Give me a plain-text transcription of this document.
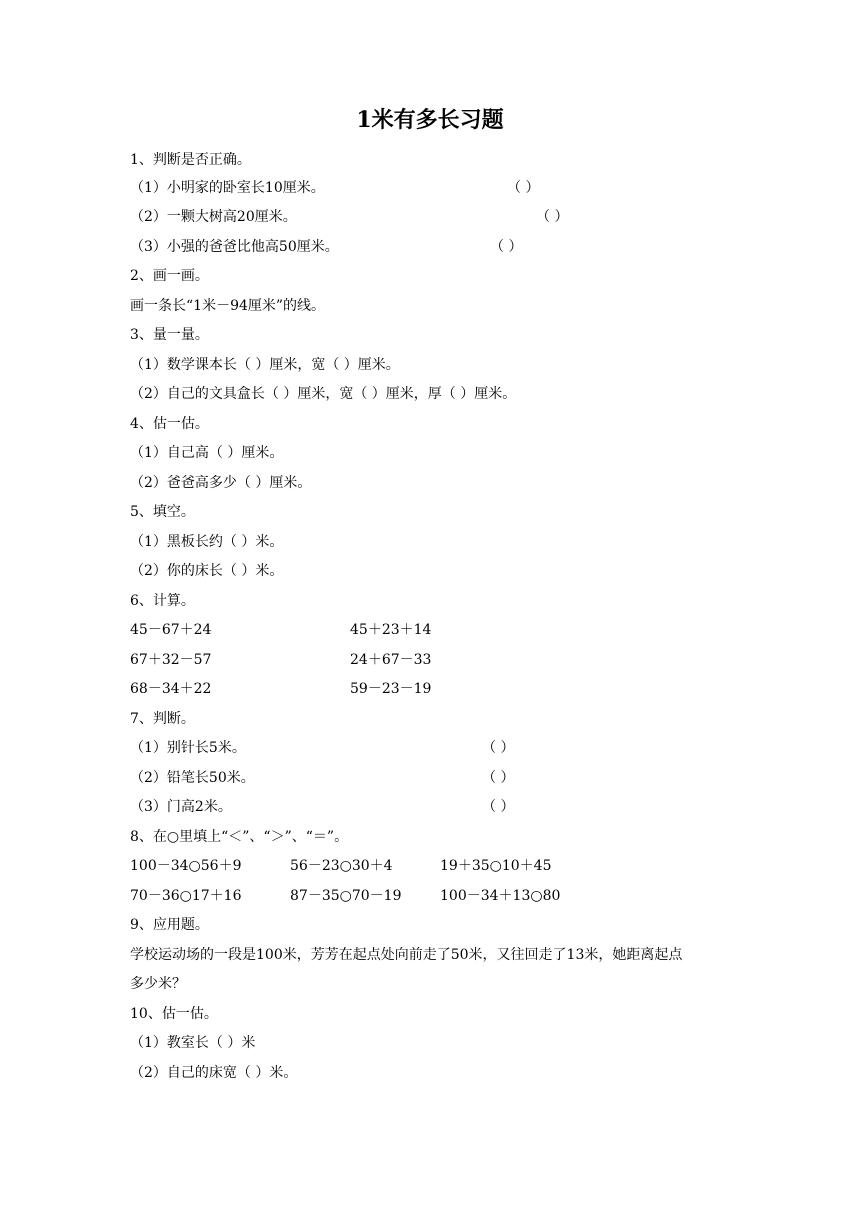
1米有多长习题
1、判断是否正确。
（1）小明家的卧室长10厘米。	（ ）
（2）一颗大树高20厘米。	（ ）
（3）小强的爸爸比他高50厘米。	（ ）
2、画一画。
画一条长“1米－94厘米”的线。
3、量一量。
（1）数学课本长（ ）厘米，宽（ ）厘米。
（2）自己的文具盒长（ ）厘米，宽（ ）厘米，厚（ ）厘米。
4、估一估。
（1）自己高（ ）厘米。
（2）爸爸高多少（ ）厘米。
5、填空。
（1）黑板长约（ ）米。
（2）你的床长（ ）米。
6、计算。
45－67＋24	45＋23＋14
67＋32－57	24＋67－33
68－34＋22	59－23－19
7、判断。
（1）别针长5米。	（ ）
（2）铅笔长50米。	（ ）
（3）门高2米。	（ ）
8、在○里填上“＜”、“＞”、“＝”。
100－34○56＋9	56－23○30＋4	19＋35○10＋45
70－36○17＋16	87－35○70－19	100－34＋13○80
9、应用题。
学校运动场的一段是100米，芳芳在起点处向前走了50米，又往回走了13米，她距离起点
多少米？
10、估一估。
（1）教室长（ ）米
（2）自己的床宽（ ）米。
